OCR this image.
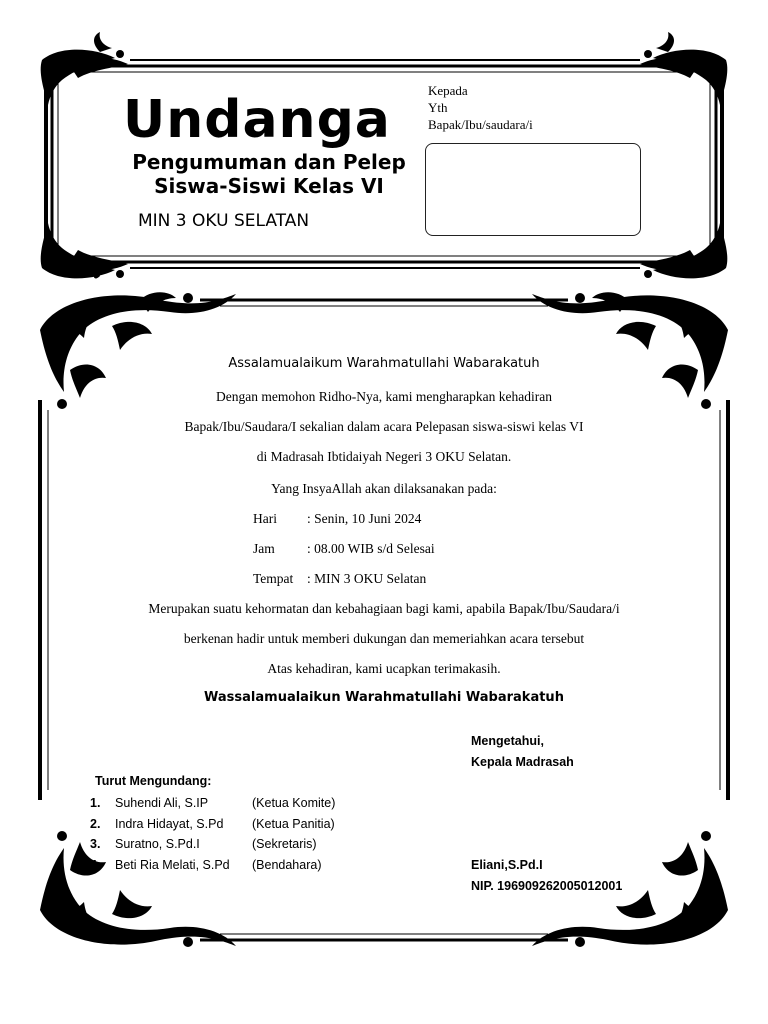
Undanga
Pengumuman dan Pelep
Siswa-Siswi Kelas VI
MIN 3 OKU SELATAN
Kepada
Yth
Bapak/Ibu/saudara/i
Assalamualaikum Warahmatullahi Wabarakatuh
Dengan memohon Ridho-Nya, kami mengharapkan kehadiran
Bapak/Ibu/Saudara/I sekalian dalam acara Pelepasan siswa-siswi kelas VI
di Madrasah Ibtidaiyah Negeri 3 OKU Selatan.
Yang InsyaAllah akan dilaksanakan pada:
Hari : Senin, 10 Juni 2024
Jam : 08.00 WIB s/d Selesai
Tempat : MIN 3 OKU Selatan
Merupakan suatu kehormatan dan kebahagiaan bagi kami, apabila Bapak/Ibu/Saudara/i
berkenan hadir untuk memberi dukungan dan memeriahkan acara tersebut
Atas kehadiran, kami ucapkan terimakasih.
Wassalamualaikun Warahmatullahi Wabarakatuh
Mengetahui,
Kepala Madrasah
Eliani,S.Pd.I
NIP. 196909262005012001
Turut Mengundang:
1. Suhendi Ali, S.IP	(Ketua Komite)
2. Indra Hidayat, S.Pd (Ketua Panitia)
3. Suratno, S.Pd.I	(Sekretaris)
4. Beti Ria Melati, S.Pd (Bendahara)
